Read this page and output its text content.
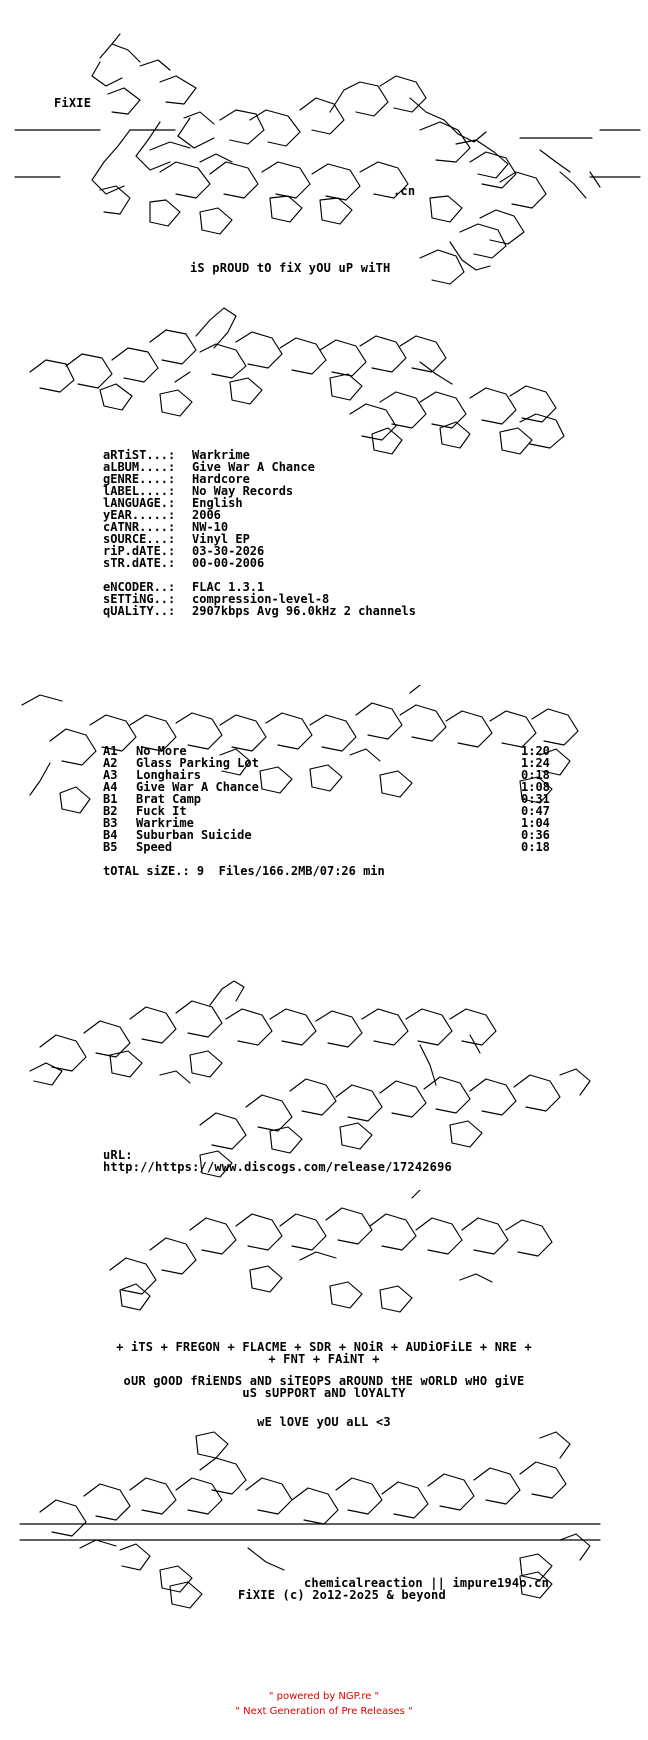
FiXIE
.cn
iS pROUD tO fiX yOU uP wiTH
aRTiST...:	Warkrime
aLBUM....:	Give War A Chance
gENRE....:	Hardcore
lABEL....:	No Way Records
lANGUAGE.:	English
yEAR.....:	2006
cATNR....:	NW-10
sOURCE...:	Vinyl EP
riP.dATE.:	03-30-2026
sTR.dATE.:	00-00-2006
eNCODER..:	FLAC 1.3.1
sETTiNG..:	compression-level-8
qUALiTY..:	2907kbps Avg 96.0kHz 2 channels
A1	No More	1:20
A2	Glass Parking Lot	1:24
A3	Longhairs	0:18
A4	Give War A Chance	1:08
B1	Brat Camp	0:31
B2	Fuck It	0:47
B3	Warkrime	1:04
B4	Suburban Suicide	0:36
B5	Speed	0:18
tOTAL siZE.: 9  Files/166.2MB/07:26 min
uRL:
http://https://www.discogs.com/release/17242696
+ iTS + FREGON + FLACME + SDR + NOiR + AUDiOFiLE + NRE +
+ FNT + FAiNT +
oUR gOOD fRiENDS aND siTEOPS aROUND tHE wORLD wHO giVE
uS sUPPORT aND lOYALTY
wE lOVE yOU aLL <3
chemicalreaction || impure194o.cn
FiXIE (c) 2o12-2o25 & beyond
" powered by NGP.re "
" Next Generation of Pre Releases "
